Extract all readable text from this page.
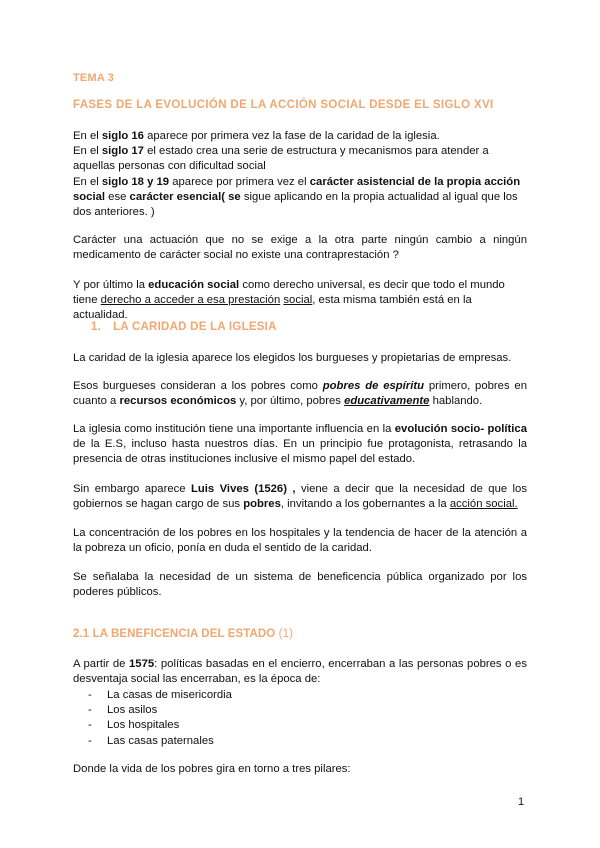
TEMA 3
FASES DE LA EVOLUCIÓN DE LA ACCIÓN SOCIAL DESDE EL SIGLO XVI

En el siglo 16 aparece por primera vez la fase de la caridad de la iglesia.
En el siglo 17 el estado crea una serie de estructura y mecanismos para atender a aquellas personas con dificultad social
En el siglo 18 y 19 aparece por primera vez el carácter asistencial de la propia acción social ese carácter esencial( se sigue aplicando en la propia actualidad al igual que los dos anteriores. )

Carácter una actuación que no se exige a la otra parte ningún cambio a ningún medicamento de carácter social no existe una contraprestación ?

Y por último la educación social como derecho universal, es decir que todo el mundo tiene derecho a acceder a esa prestación social, esta misma también está en la actualidad.

1. LA CARIDAD DE LA IGLESIA

La caridad de la iglesia aparece los elegidos los burgueses y propietarias de empresas.

Esos burgueses consideran a los pobres como pobres de espíritu primero, pobres en cuanto a recursos económicos y, por último, pobres educativamente hablando.

La iglesia como institución tiene una importante influencia en la evolución socio- política de la E.S, incluso hasta nuestros días. En un principio fue protagonista, retrasando la presencia de otras instituciones inclusive el mismo papel del estado.

Sin embargo aparece Luis Vives (1526) , viene a decir que la necesidad de que los gobiernos se hagan cargo de sus pobres, invitando a los gobernantes a la acción social.

La concentración de los pobres en los hospitales y la tendencia de hacer de la atención a la pobreza un oficio, ponía en duda el sentido de la caridad.

Se señalaba la necesidad de un sistema de beneficencia pública organizado por los poderes públicos.

2.1 LA BENEFICENCIA DEL ESTADO (1)

A partir de 1575: políticas basadas en el encierro, encerraban a las personas pobres o es desventaja social las encerraban, es la época de:

- La casas de misericordia
- Los asilos
- Los hospitales
- Las casas paternales

Donde la vida de los pobres gira en torno a tres pilares:

1
